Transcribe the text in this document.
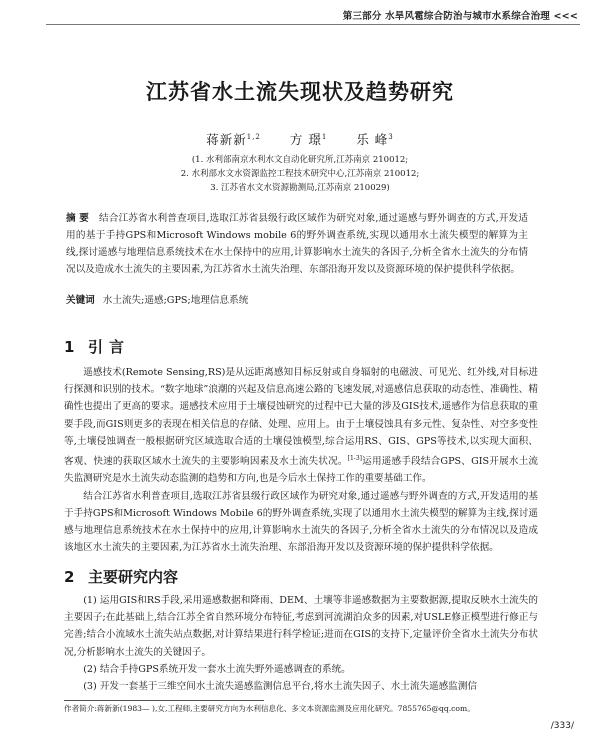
第三部分 水旱风雹综合防治与城市水系综合治理 <<<
江苏省水土流失现状及趋势研究
蒋新新$^{1,2}$ 方 璟$^1$ 乐 峰$^3$
(1. 水利部南京水利水文自动化研究所,江苏南京 210012;
2. 水利部水文水资源监控工程技术研究中心,江苏南京 210012;
3. 江苏省水文水资源勘测局,江苏南京 210029)
摘 要 结合江苏省水利普查项目,选取江苏省县级行政区域作为研究对象,通过遥感与野外调查的方式,开发适用的基于手持GPS和Microsoft Windows mobile 6的野外调查系统,实现以通用水土流失模型的解算为主线,探讨遥感与地理信息系统技术在水土保持中的应用,计算影响水土流失的各因子,分析全省水土流失的分布情况以及造成水土流失的主要因素,为江苏省水土流失治理、东部沿海开发以及资源环境的保护提供科学依据。
关键词 水土流失;遥感;GPS;地理信息系统
1 引言

遥感技术(Remote Sensing,RS)是从远距离感知目标反射或自身辐射的电磁波、可见光、红外线,对目标进行探测和识别的技术。“数字地球”浪潮的兴起及信息高速公路的飞速发展,对遥感信息获取的动态性、准确性、精确性也提出了更高的要求。遥感技术应用于土壤侵蚀研究的过程中已大量的涉及GIS技术,遥感作为信息获取的重要手段,而GIS则更多的表现在相关信息的存储、处理、应用上。由于土壤侵蚀具有多元性、复杂性、对空多变性等,土壤侵蚀调查一般根据研究区域选取合适的土壤侵蚀模型,综合运用RS、GIS、GPS等技术,以实现大面积、客观、快速的获取区域水土流失的主要影响因素及水土流失状况。[1-3]运用遥感手段结合GPS、GIS开展水土流失监测研究是水土流失动态监测的趋势和方向,也是今后水土保持工作的重要基础工作。

结合江苏省水利普查项目,选取江苏省县级行政区域作为研究对象,通过遥感与野外调查的方式,开发适用的基于手持GPS和Microsoft Windows Mobile 6的野外调查系统,实现了以通用水土流失模型的解算为主线,探讨遥感与地理信息系统技术在水土保持中的应用,计算影响水土流失的各因子,分析全省水土流失的分布情况以及造成该地区水土流失的主要因素,为江苏省水土流失治理、东部沿海开发以及资源环境的保护提供科学依据。

2 主要研究内容

(1) 运用GIS和RS手段,采用遥感数据和降雨、DEM、土壤等非遥感数据为主要数据源,提取反映水土流失的主要因子;在此基础上,结合江苏全省自然环境分布特征,考虑到河流湖泊众多的因素,对USLE修正模型进行修正与完善;结合小流域水土流失站点数据,对计算结果进行科学检证;进而在GIS的支持下,定量评价全省水土流失分布状况,分析影响水土流失的关键因子。

(2) 结合手持GPS系统开发一套水土流失野外遥感调查的系统。

(3) 开发一套基于三维空间水土流失遥感监测信息平台,将水土流失因子、水土流失遥感监测信

作者简介:蒋新新(1983— ),女,工程师,主要研究方向为水利信息化、多文本资源监测及应用化研究。7855765@qq.com。
/333/
